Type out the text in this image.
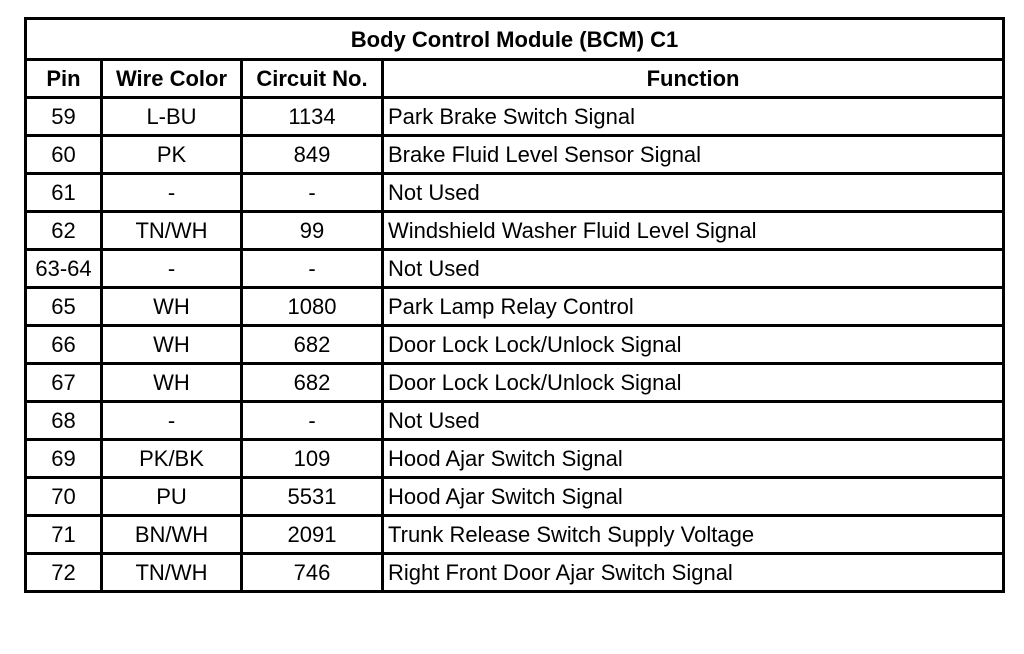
Body Control Module (BCM) C1			
Pin	Wire Color	Circuit No.	Function
59	L-BU	1134	Park Brake Switch Signal
60	PK	849	Brake Fluid Level Sensor Signal
61	-	-	Not Used
62	TN/WH	99	Windshield Washer Fluid Level Signal
63-64	-	-	Not Used
65	WH	1080	Park Lamp Relay Control
66	WH	682	Door Lock Lock/Unlock Signal
67	WH	682	Door Lock Lock/Unlock Signal
68	-	-	Not Used
69	PK/BK	109	Hood Ajar Switch Signal
70	PU	5531	Hood Ajar Switch Signal
71	BN/WH	2091	Trunk Release Switch Supply Voltage
72	TN/WH	746	Right Front Door Ajar Switch Signal
